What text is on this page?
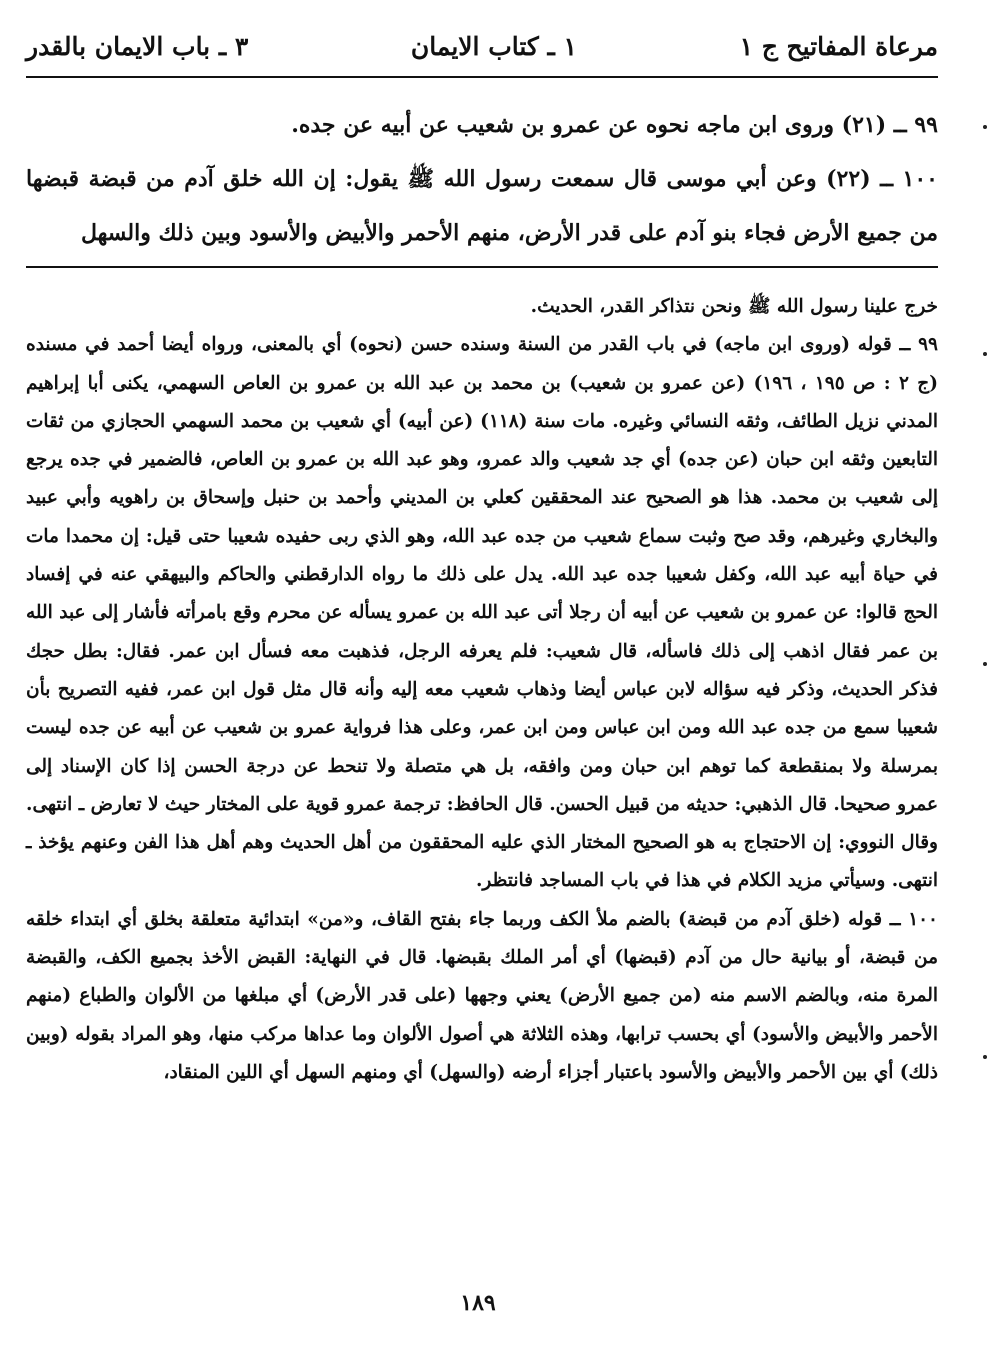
مرعاة المفاتيح ج ١
١ ـ كتاب الايمان
٣ ـ باب الايمان بالقدر

٩٩ ــ (٢١) وروى ابن ماجه نحوه عن عمرو بن شعيب عن أبيه عن جده.

١٠٠ ــ (٢٢) وعن أبي موسى قال سمعت رسول الله ﷺ يقول: إن الله خلق آدم من قبضة قبضها من جميع الأرض فجاء بنو آدم على قدر الأرض، منهم الأحمر والأبيض والأسود وبين ذلك والسهل

خرج علينا رسول الله ﷺ ونحن نتذاكر القدر، الحديث.

٩٩ ــ قوله (وروى ابن ماجه) في باب القدر من السنة وسنده حسن (نحوه) أي بالمعنى، ورواه أيضا أحمد في مسنده (ج ٢ : ص ١٩٥ ، ١٩٦) (عن عمرو بن شعيب) بن محمد بن عبد الله بن عمرو بن العاص السهمي، يكنى أبا إبراهيم المدني نزيل الطائف، وثقه النسائي وغيره. مات سنة (١١٨) (عن أبيه) أي شعيب بن محمد السهمي الحجازي من ثقات التابعين وثقه ابن حبان (عن جده) أي جد شعيب والد عمرو، وهو عبد الله بن عمرو بن العاص، فالضمير في جده يرجع إلى شعيب بن محمد. هذا هو الصحيح عند المحققين كعلي بن المديني وأحمد بن حنبل وإسحاق بن راهويه وأبي عبيد والبخاري وغيرهم، وقد صح وثبت سماع شعيب من جده عبد الله، وهو الذي ربى حفيده شعيبا حتى قيل: إن محمدا مات في حياة أبيه عبد الله، وكفل شعيبا جده عبد الله. يدل على ذلك ما رواه الدارقطني والحاكم والبيهقي عنه في إفساد الحج قالوا: عن عمرو بن شعيب عن أبيه أن رجلا أتى عبد الله بن عمرو يسأله عن محرم وقع بامرأته فأشار إلى عبد الله بن عمر فقال اذهب إلى ذلك فاسأله، قال شعيب: فلم يعرفه الرجل، فذهبت معه فسأل ابن عمر. فقال: بطل حجك فذكر الحديث، وذكر فيه سؤاله لابن عباس أيضا وذهاب شعيب معه إليه وأنه قال مثل قول ابن عمر، ففيه التصريح بأن شعيبا سمع من جده عبد الله ومن ابن عباس ومن ابن عمر، وعلى هذا فرواية عمرو بن شعيب عن أبيه عن جده ليست بمرسلة ولا بمنقطعة كما توهم ابن حبان ومن وافقه، بل هي متصلة ولا تنحط عن درجة الحسن إذا كان الإسناد إلى عمرو صحيحا. قال الذهبي: حديثه من قبيل الحسن. قال الحافظ: ترجمة عمرو قوية على المختار حيث لا تعارض ـ انتهى. وقال النووي: إن الاحتجاج به هو الصحيح المختار الذي عليه المحققون من أهل الحديث وهم أهل هذا الفن وعنهم يؤخذ ـ انتهى. وسيأتي مزيد الكلام في هذا في باب المساجد فانتظر.

١٠٠ ــ قوله (خلق آدم من قبضة) بالضم ملأ الكف وربما جاء بفتح القاف، و«من» ابتدائية متعلقة بخلق أي ابتداء خلقه من قبضة، أو بيانية حال من آدم (قبضها) أي أمر الملك بقبضها. قال في النهاية: القبض الأخذ بجميع الكف، والقبضة المرة منه، وبالضم الاسم منه (من جميع الأرض) يعني وجهها (على قدر الأرض) أي مبلغها من الألوان والطباع (منهم الأحمر والأبيض والأسود) أي بحسب ترابها، وهذه الثلاثة هي أصول الألوان وما عداها مركب منها، وهو المراد بقوله (وبين ذلك) أي بين الأحمر والأبيض والأسود باعتبار أجزاء أرضه (والسهل) أي ومنهم السهل أي اللين المنقاد،

١٨٩
